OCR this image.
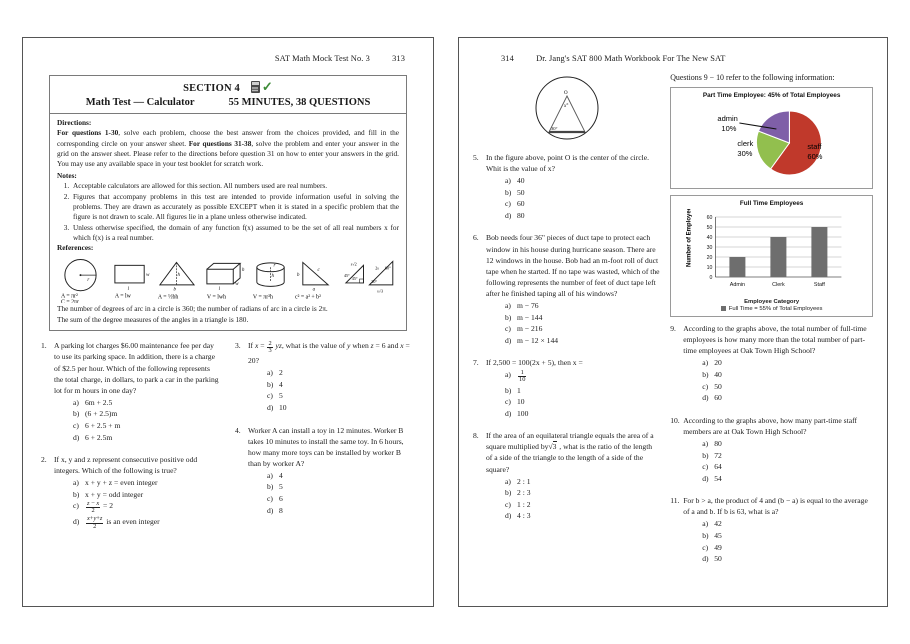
SAT Math Mock Test No. 3	313
SECTION 4 ✓
Math Test — Calculator	55 MINUTES, 38 QUESTIONS
Directions:

For questions 1-30, solve each problem, choose the best answer from the choices provided, and fill in the corresponding circle on your answer sheet. For questions 31-38, solve the problem and enter your answer in the grid on the answer sheet. Please refer to the directions before question 31 on how to enter your answers in the grid. You may use any available space in your test booklet for scratch work.

Notes:
1. Acceptable calculators are allowed for this section. All numbers used are real numbers.
2. Figures that accompany problems in this test are intended to provide information useful in solving the problems. They are drawn as accurately as possible EXCEPT when it is stated in a specific problem that the figure is not drawn to scale. All figures lie in a plane unless otherwise indicated.
3. Unless otherwise specified, the domain of any function f(x) assumed to be the set of all real numbers x for which f(x) is a real number.
References:
r
A = πr²
C = 2πr
w
l
A = lw
h
b
A = ½bh
h
w
l
V = lwh
h
r
V = πr²h
b
c
a
c² = a² + b²
45°
45°
s√2
30°
60°
2s
s√3
The number of degrees of arc in a circle is 360; the number of radians of arc in a circle is 2π.
The sum of the degree measures of the angles in a triangle is 180.
1. A parking lot charges $6.00 maintenance fee per day to use its parking space. In addition, there is a charge of $2.5 per hour. Which of the following represents the total charge, in dollars, to park a car in the parking lot for m hours in one day?
a) 6m + 2.5
b) (6 + 2.5)m
c) 6 + 2.5 + m
d) 6 + 2.5m
2. If x, y and z represent consecutive positive odd integers. Which of the following is true?
a) x + y + z = even integer
b) x + y = odd integer
$c) \frac{z - x}{2} = 2$
$d) \frac{x+y+z}{2}$ is an even integer
3. If $x = \frac{2}{3}$ yz, what is the value of y when z = 6 and x = 20?
a) 2
b) 4
c) 5
d) 10
4. Worker A can install a toy in 12 minutes. Worker B takes 10 minutes to install the same toy. In 6 hours, how many more toys can be installed by worker B than by worker A?
a) 4
b) 5
c) 6
d) 8
314	Dr. Jang's SAT 800 Math Workbook For The New SAT
O
x°
30°
5. In the figure above, point O is the center of the circle. Whit is the value of x?
a) 40
b) 50
c) 60
d) 80
6. Bob needs four 36" pieces of duct tape to protect each window in his house during hurricane season. There are 12 windows in the house. Bob had an m-foot roll of duct tape when he started. If no tape was wasted, which of the following represents the number of feet of duct tape left after he finished taping all of his windows?
a) m − 76
b) m − 144
c) m − 216
d) m − 12 × 144
7. If 2,500 = 100(2x + 5), then x =
$a) \frac{1}{10}$
b) 1
c) 10
d) 100
8. If the area of an equilateral triangle equals the area of a square multiplied by√3 , what is the ratio of the length of a side of the triangle to the length of a side of the square?
a) 2 : 1
b) 2 : 3
c) 1 : 2
d) 4 : 3
Questions 9 − 10 refer to the following information:
Part Time Employee: 45% of Total Employees
admin
10%
clerk
30%
staff
60%
Full Time Employees
Number of Employees
0
10
20
30
40
50
60
Admin	Clerk	Staff
Employee Category
Full Time = 55% of Total Employees
9. According to the graphs above, the total number of full-time employees is how many more than the total number of part-time employees at Oak Town High School?
a) 20
b) 40
c) 50
d) 60
10. According to the graphs above, how many part-time staff members are at Oak Town High School?
a) 80
b) 72
c) 64
d) 54
11. For b > a, the product of 4 and (b − a) is equal to the average of a and b. If b is 63, what is a?
a) 42
b) 45
c) 49
d) 50
